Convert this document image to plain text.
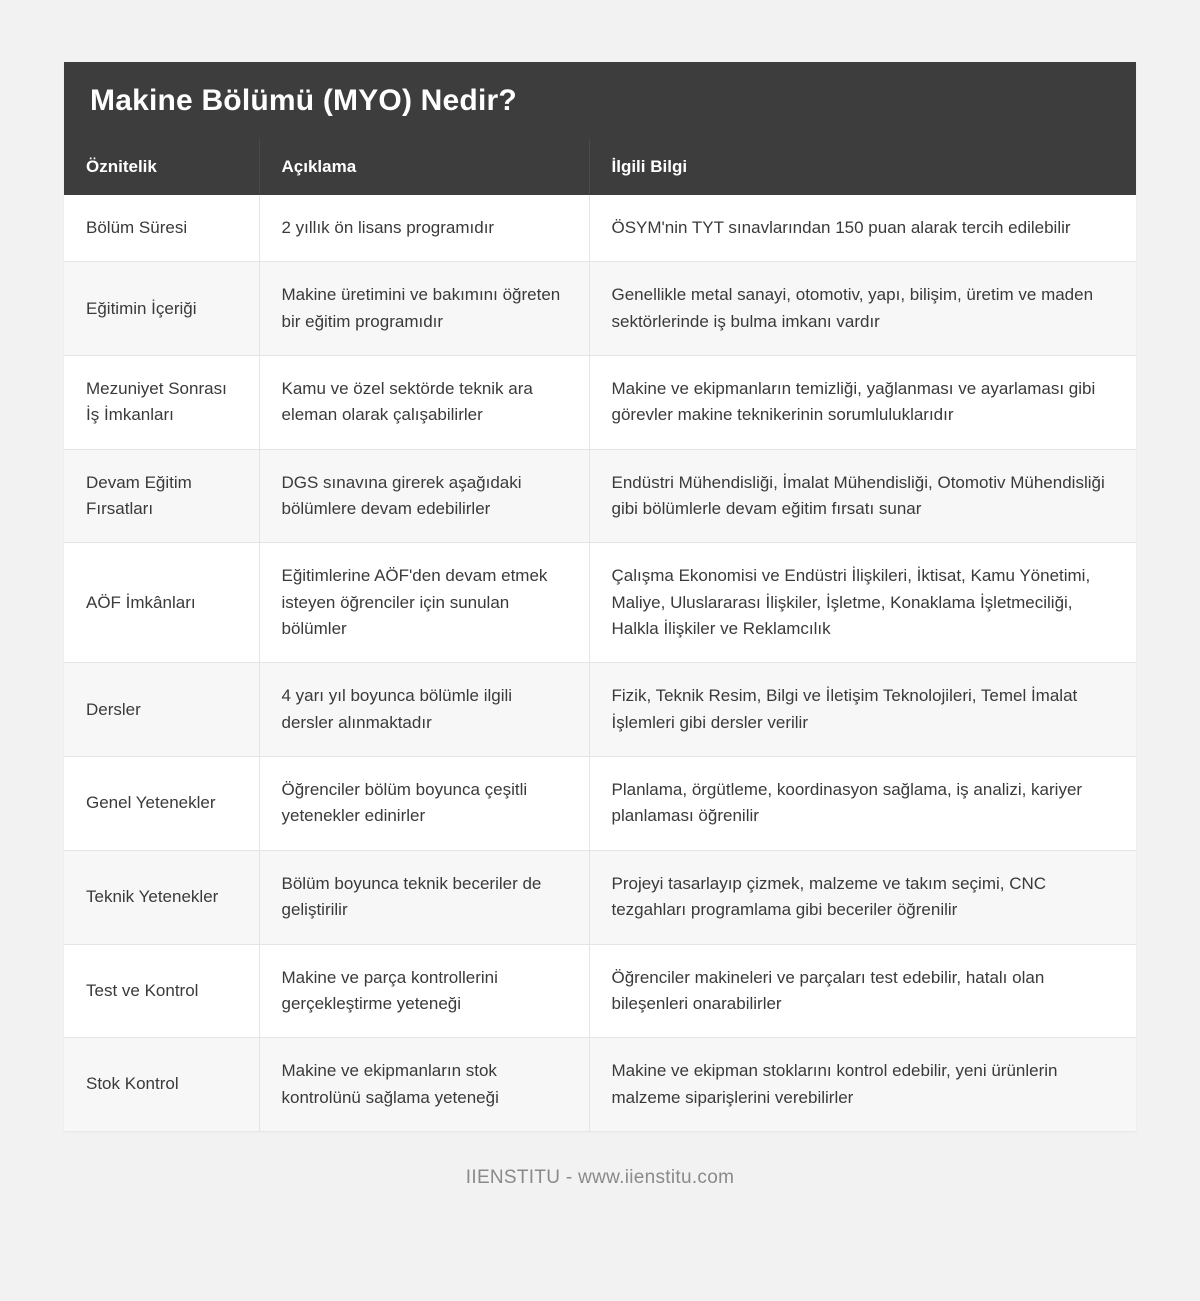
Makine Bölümü (MYO) Nedir?
Öznitelik	Açıklama	İlgili Bilgi
Bölüm Süresi	2 yıllık ön lisans programıdır	ÖSYM'nin TYT sınavlarından 150 puan alarak tercih edilebilir
Eğitimin İçeriği	Makine üretimini ve bakımını öğreten bir eğitim programıdır	Genellikle metal sanayi, otomotiv, yapı, bilişim, üretim ve maden sektörlerinde iş bulma imkanı vardır
Mezuniyet Sonrası İş İmkanları	Kamu ve özel sektörde teknik ara eleman olarak çalışabilirler	Makine ve ekipmanların temizliği, yağlanması ve ayarlaması gibi görevler makine teknikerinin sorumluluklarıdır
Devam Eğitim Fırsatları	DGS sınavına girerek aşağıdaki bölümlere devam edebilirler	Endüstri Mühendisliği, İmalat Mühendisliği, Otomotiv Mühendisliği gibi bölümlerle devam eğitim fırsatı sunar
AÖF İmkânları	Eğitimlerine AÖF'den devam etmek isteyen öğrenciler için sunulan bölümler	Çalışma Ekonomisi ve Endüstri İlişkileri, İktisat, Kamu Yönetimi, Maliye, Uluslararası İlişkiler, İşletme, Konaklama İşletmeciliği, Halkla İlişkiler ve Reklamcılık
Dersler	4 yarı yıl boyunca bölümle ilgili dersler alınmaktadır	Fizik, Teknik Resim, Bilgi ve İletişim Teknolojileri, Temel İmalat İşlemleri gibi dersler verilir
Genel Yetenekler	Öğrenciler bölüm boyunca çeşitli yetenekler edinirler	Planlama, örgütleme, koordinasyon sağlama, iş analizi, kariyer planlaması öğrenilir
Teknik Yetenekler	Bölüm boyunca teknik beceriler de geliştirilir	Projeyi tasarlayıp çizmek, malzeme ve takım seçimi, CNC tezgahları programlama gibi beceriler öğrenilir
Test ve Kontrol	Makine ve parça kontrollerini gerçekleştirme yeteneği	Öğrenciler makineleri ve parçaları test edebilir, hatalı olan bileşenleri onarabilirler
Stok Kontrol	Makine ve ekipmanların stok kontrolünü sağlama yeteneği	Makine ve ekipman stoklarını kontrol edebilir, yeni ürünlerin malzeme siparişlerini verebilirler
IIENSTITU - www.iienstitu.com
